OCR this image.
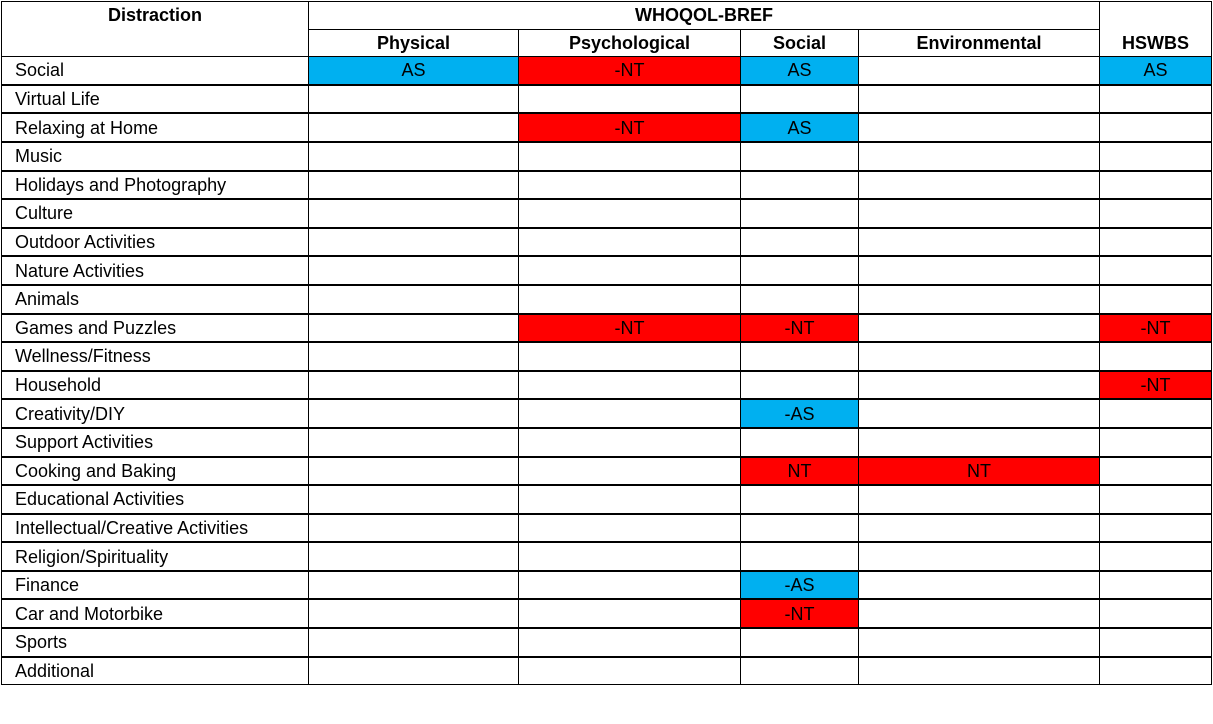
Distraction	WHOQOL-BREF				HSWBS
	Physical	Psychological	Social	Environmental	
Social	AS	-NT	AS		AS
Virtual Life					
Relaxing at Home		-NT	AS		
Music					
Holidays and Photography					
Culture					
Outdoor Activities					
Nature Activities					
Animals					
Games and Puzzles		-NT	-NT		-NT
Wellness/Fitness					
Household					-NT
Creativity/DIY			-AS		
Support Activities					
Cooking and Baking			NT	NT	
Educational Activities					
Intellectual/Creative Activities					
Religion/Spirituality					
Finance			-AS		
Car and Motorbike			-NT		
Sports					
Additional					
